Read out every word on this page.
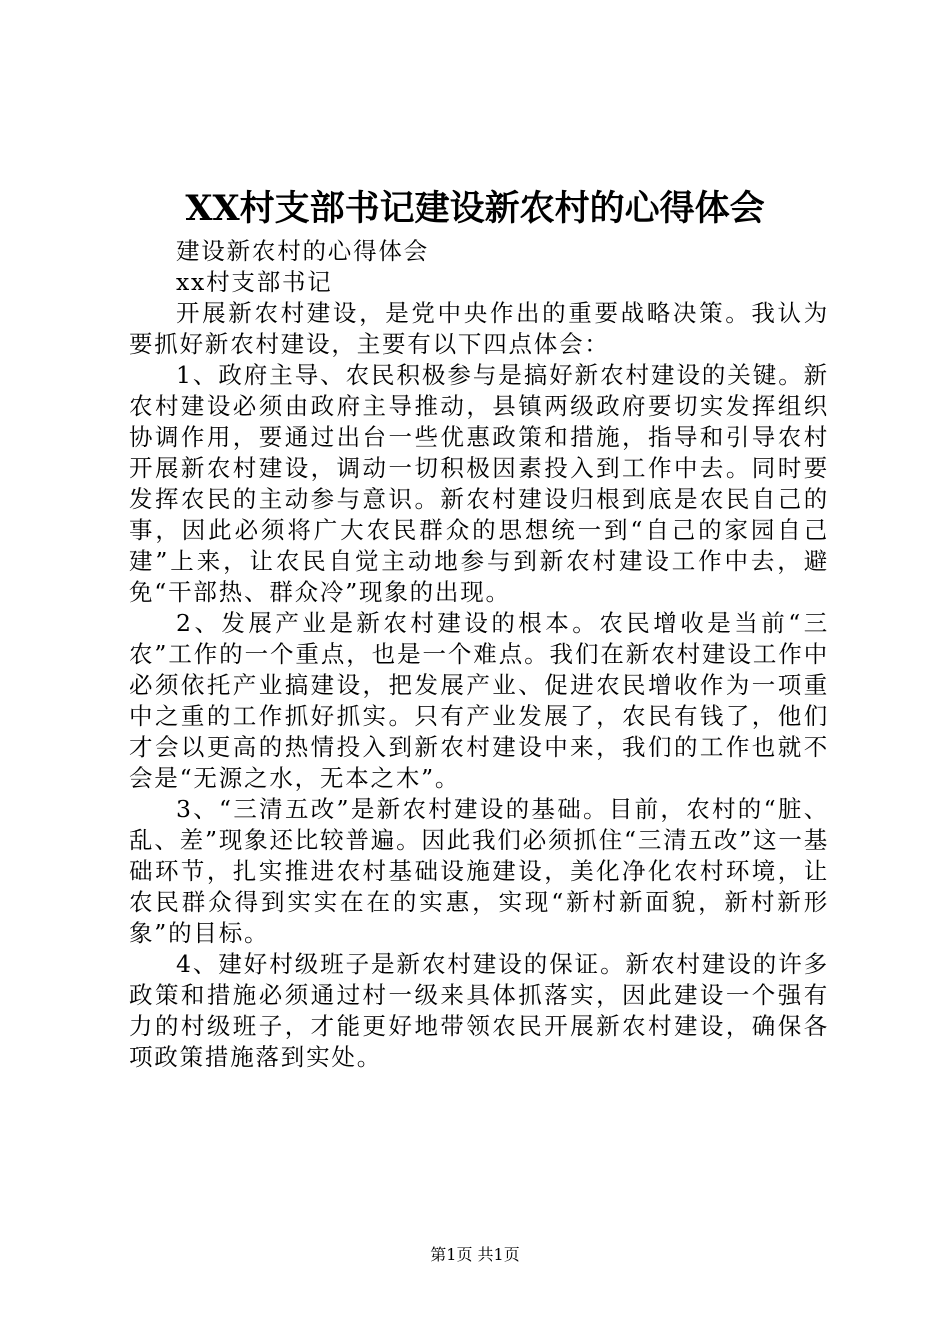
XX村支部书记建设新农村的心得体会

建设新农村的心得体会

xx村支部书记

开展新农村建设，是党中央作出的重要战略决策。我认为要抓好新农村建设，主要有以下四点体会：

1、政府主导、农民积极参与是搞好新农村建设的关键。新农村建设必须由政府主导推动，县镇两级政府要切实发挥组织协调作用，要通过出台一些优惠政策和措施，指导和引导农村开展新农村建设，调动一切积极因素投入到工作中去。同时要发挥农民的主动参与意识。新农村建设归根到底是农民自己的事，因此必须将广大农民群众的思想统一到“自己的家园自己建”上来，让农民自觉主动地参与到新农村建设工作中去，避免“干部热、群众冷”现象的出现。

2、发展产业是新农村建设的根本。农民增收是当前“三农”工作的一个重点，也是一个难点。我们在新农村建设工作中必须依托产业搞建设，把发展产业、促进农民增收作为一项重中之重的工作抓好抓实。只有产业发展了，农民有钱了，他们才会以更高的热情投入到新农村建设中来，我们的工作也就不会是“无源之水，无本之木”。

3、“三清五改”是新农村建设的基础。目前，农村的“脏、乱、差”现象还比较普遍。因此我们必须抓住“三清五改”这一基础环节，扎实推进农村基础设施建设，美化净化农村环境，让农民群众得到实实在在的实惠，实现“新村新面貌，新村新形象”的目标。

4、建好村级班子是新农村建设的保证。新农村建设的许多政策和措施必须通过村一级来具体抓落实，因此建设一个强有力的村级班子，才能更好地带领农民开展新农村建设，确保各项政策措施落到实处。

第1页 共1页
